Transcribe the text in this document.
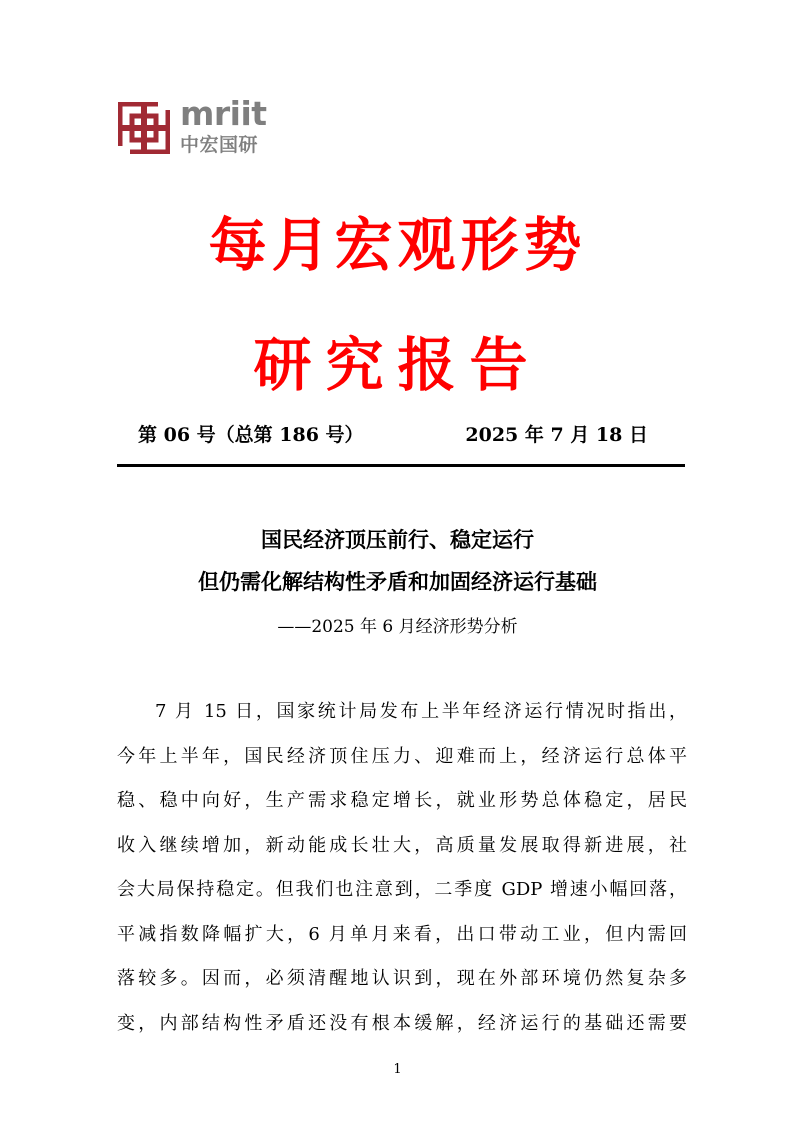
mriit
中宏国研
每月宏观形势
研究报告
第 06 号（总第 186 号）	2025 年 7 月 18 日
国民经济顶压前行、稳定运行
但仍需化解结构性矛盾和加固经济运行基础
——2025 年 6 月经济形势分析
7 月 15 日，国家统计局发布上半年经济运行情况时指出，
今年上半年，国民经济顶住压力、迎难而上，经济运行总体平
稳、稳中向好，生产需求稳定增长，就业形势总体稳定，居民
收入继续增加，新动能成长壮大，高质量发展取得新进展，社
会大局保持稳定。但我们也注意到，二季度 GDP 增速小幅回落，
平减指数降幅扩大，6 月单月来看，出口带动工业，但内需回
落较多。因而，必须清醒地认识到，现在外部环境仍然复杂多
变，内部结构性矛盾还没有根本缓解，经济运行的基础还需要
1
